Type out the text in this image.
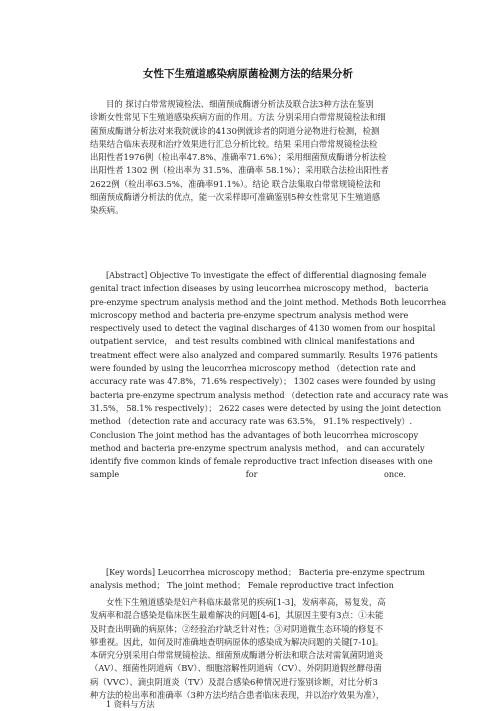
女性下生殖道感染病原菌检测方法的结果分析
目的 探讨白带常规镜检法、细菌预成酶谱分析法及联合法3种方法在鉴别
诊断女性常见下生殖道感染疾病方面的作用。方法 分别采用白带常规镜检法和细
菌预成酶谱分析法对来我院就诊的4130例就诊者的阴道分泌物进行检测，检测
结果结合临床表现和治疗效果进行汇总分析比较。结果 采用白带常规镜检法检
出阳性者1976例（检出率47.8%、准确率71.6%）；采用细菌预成酶谱分析法检
出阳性者 1302 例（检出率为 31.5%、准确率 58.1%）；采用联合法检出阳性者
2622例（检出率63.5%、准确率91.1%）。结论 联合法集取白带常规镜检法和
细菌预成酶谱分析法的优点，能一次采样即可准确鉴别5种女性常见下生殖道感
染疾病。
[Abstract] Objective To investigate the effect of differential diagnosing female
genital tract infection diseases by using leucorrhea microscopy method， bacteria
pre-enzyme spectrum analysis method and the joint method. Methods Both leucorrhea
microscopy method and bacteria pre-enzyme spectrum analysis method were
respectively used to detect the vaginal discharges of 4130 women from our hospital
outpatient service， and test results combined with clinical manifestations and
treatment effect were also analyzed and compared summarily. Results 1976 patients
were founded by using the leucorrhea microscopy method （detection rate and
accuracy rate was 47.8%，71.6% respectively）； 1302 cases were founded by using
bacteria pre-enzyme spectrum analysis method （detection rate and accuracy rate was
31.5%， 58.1% respectively）； 2622 cases were detected by using the joint detection
method （detection rate and accuracy rate was 63.5%， 91.1% respectively）.
Conclusion The joint method has the advantages of both leucorrhea microscopy
method and bacteria pre-enzyme spectrum analysis method， and can accurately
identify five common kinds of female reproductive tract infection diseases with one
sample for once.
[Key words] Leucorrhea microscopy method； Bacteria pre-enzyme spectrum
analysis method； The joint method； Female reproductive tract infection
女性下生殖道感染是妇产科临床最常见的疾病[1-3]，发病率高，易复发，高
发病率和混合感染是临床医生最难解决的问题[4-6]，其原因主要有3点：①未能
及时查出明确的病原体；②经验治疗缺乏针对性；③对阴道微生态环境的修复不
够重视。因此，如何及时准确地查明病原体的感染成为解决问题的关键[7-10]。
本研究分别采用白带常规镜检法、细菌预成酶谱分析法和联合法对需氧菌阴道炎
（AV）、细菌性阴道病（BV）、细胞溶解性阴道病（CV）、外阴阴道假丝酵母菌
病（VVC）、滴虫阴道炎（TV）及混合感染6种情况进行鉴别诊断，对比分析3
种方法的检出率和准确率（3种方法均结合患者临床表现，并以治疗效果为准），
1 资料与方法
